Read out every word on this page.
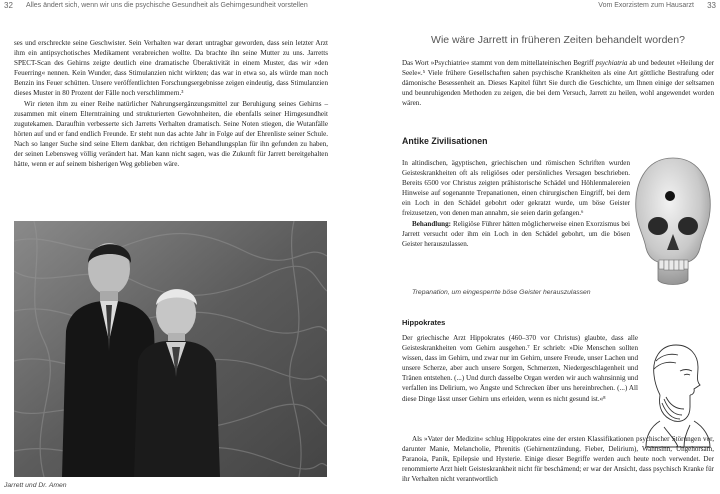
32 Alles ändert sich, wenn wir uns die psychische Gesundheit als Gehirngesundheit vorstellen

ses und erschreckte seine Geschwister. Sein Verhalten war derart untragbar geworden, dass sein letzter Arzt ihm ein antipsychotisches Medikament verabreichen wollte. Da brachte ihn seine Mutter zu uns. Jarretts SPECT-Scan des Gehirns zeigte deutlich eine dramatische Überaktivität in einem Muster, das wir »den Feuerring« nennen. Kein Wunder, dass Stimulanzien nicht wirkten; das war in etwa so, als würde man noch Benzin ins Feuer schütten. Unsere veröffentlichten Forschungsergebnisse zeigen eindeutig, dass Stimulanzien dieses Muster in 80 Prozent der Fälle noch verschlimmern.³

Wir rieten ihm zu einer Reihe natürlicher Nahrungsergänzungsmittel zur Beruhigung seines Gehirns – zusammen mit einem Elterntraining und strukturierten Gewohnheiten, die ebenfalls seiner Hirngesundheit zugutekamen. Daraufhin verbesserte sich Jarretts Verhalten dramatisch. Seine Noten stiegen, die Wutanfälle hörten auf und er fand endlich Freunde. Er steht nun das achte Jahr in Folge auf der Ehrenliste seiner Schule. Nach so langer Suche sind seine Eltern dankbar, den richtigen Behandlungsplan für ihn gefunden zu haben, der seinen Lebensweg völlig verändert hat. Man kann nicht sagen, was die Zukunft für Jarrett bereitgehalten hätte, wenn er auf seinem bisherigen Weg geblieben wäre.

Jarrett und Dr. Amen
Vom Exorzistem zum Hausarzt 33
Wie wäre Jarrett in früheren Zeiten behandelt worden?

Das Wort »Psychiatrie« stammt von dem mittellateinischen Begriff psychiatria ab und bedeutet »Heilung der Seele«.⁵ Viele frühere Gesellschaften sahen psychische Krankheiten als eine Art göttliche Bestrafung oder dämonische Besessenheit an. Dieses Kapitel führt Sie durch die Geschichte, um Ihnen einige der seltsamen und beunruhigenden Methoden zu zeigen, die bei dem Versuch, Jarrett zu heilen, wohl angewendet worden wären.

Antike Zivilisationen

In altindischen, ägyptischen, griechischen und römischen Schriften wurden Geisteskrankheiten oft als religiöses oder persönliches Versagen beschrieben. Bereits 6500 vor Christus zeigten prähistorische Schädel und Höhlenmalereien Hinweise auf sogenannte Trepanationen, einen chirurgischen Eingriff, bei dem ein Loch in den Schädel gebohrt oder gekratzt wurde, um böse Geister freizusetzen, von denen man annahm, sie seien darin gefangen.⁶

Behandlung: Religiöse Führer hätten möglicherweise einen Exorzismus bei Jarrett versucht oder ihm ein Loch in den Schädel gebohrt, um die bösen Geister herauszulassen.

Trepanation, um eingesperrte böse Geister herauszulassen
Hippokrates

Der griechische Arzt Hippokrates (460–370 vor Christus) glaubte, dass alle Geisteskrankheiten vom Gehirn ausgehen.⁷ Er schrieb: »Die Menschen sollten wissen, dass im Gehirn, und zwar nur im Gehirn, unsere Freude, unser Lachen und unsere Scherze, aber auch unsere Sorgen, Schmerzen, Niedergeschlagenheit und Tränen entstehen. (...) Und durch dasselbe Organ werden wir auch wahnsinnig und verfallen ins Delirium, wo Ängste und Schrecken über uns hereinbrechen. (...) All diese Dinge lässt unser Gehirn uns erleiden, wenn es nicht gesund ist.«⁸

Als »Vater der Medizin« schlug Hippokrates eine der ersten Klassifikationen psychischer Störungen vor, darunter Manie, Melancholie, Phrenitis (Gehirnentzündung, Fieber, Delirium), Wahnsinn, Ungehorsam, Paranoia, Panik, Epilepsie und Hysterie. Einige dieser Begriffe werden auch heute noch verwendet. Der renommierte Arzt hielt Geisteskrankheit nicht für beschämend; er war der Ansicht, dass psychisch Kranke für ihr Verhalten nicht verantwortlich
